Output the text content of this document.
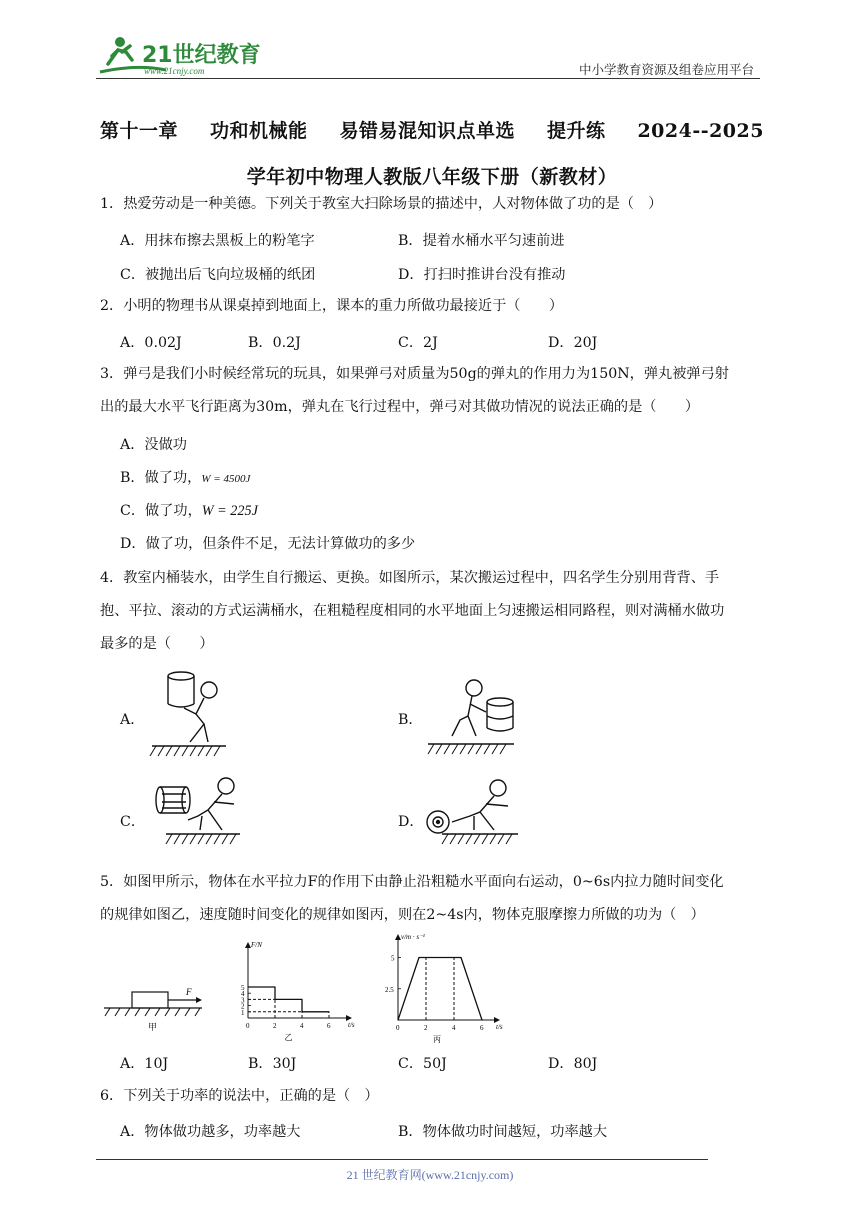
21世纪教育
www.21cnjy.com	中小学教育资源及组卷应用平台
第十一章 功和机械能 易错易混知识点单选 提升练 2024--2025
学年初中物理人教版八年级下册（新教材）
1．热爱劳动是一种美德。下列关于教室大扫除场景的描述中，人对物体做了功的是（　）
A．用抹布擦去黑板上的粉笔字	B．提着水桶水平匀速前进
C．被抛出后飞向垃圾桶的纸团	D．打扫时推讲台没有推动
2．小明的物理书从课桌掉到地面上，课本的重力所做功最接近于（　　）
A．0.02J	B．0.2J	C．2J	D．20J
3．弹弓是我们小时候经常玩的玩具，如果弹弓对质量为50g的弹丸的作用力为150N，弹丸被弹弓射
出的最大水平飞行距离为30m，弹丸在飞行过程中，弹弓对其做功情况的说法正确的是（　　）
A．没做功
B．做了功，W = 4500J
C．做了功，W = 225J
D．做了功，但条件不足，无法计算做功的多少
4．教室内桶装水，由学生自行搬运、更换。如图所示，某次搬运过程中，四名学生分别用背背、手
抱、平拉、滚动的方式运满桶水，在粗糙程度相同的水平地面上匀速搬运相同路程，则对满桶水做功
最多的是（　　）
A．	B．
C．	D．
5．如图甲所示，物体在水平拉力F的作用下由静止沿粗糙水平面向右运动，0~6s内拉力随时间变化
的规律如图乙，速度随时间变化的规律如图丙，则在2~4s内，物体克服摩擦力所做的功为（　）
F
甲
F/N
t/s
0	2	4	6
1
2
3
4
5
乙
v/m · s⁻¹
t/s
0	2	4	6
2.5
5
丙
A．10J	B．30J	C．50J	D．80J
6．下列关于功率的说法中，正确的是（　）
A．物体做功越多，功率越大	B．物体做功时间越短，功率越大
21 世纪教育网(www.21cnjy.com)
